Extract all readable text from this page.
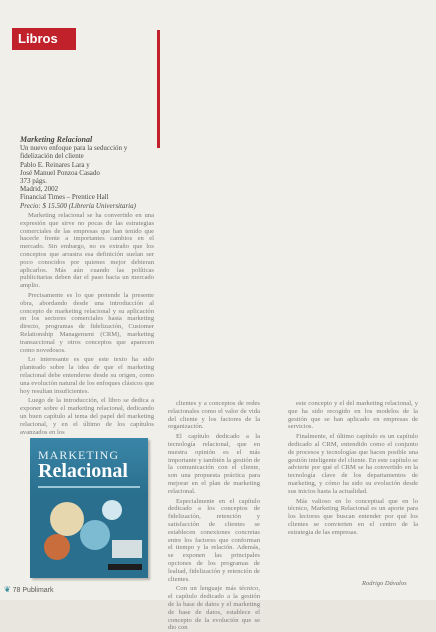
Libros
Marketing Relacional
Un nuevo enfoque para la seducción y
fidelización del cliente
Pablo E. Reinares Lara y
José Manuel Ponzoa Casado
373 págs.
Madrid, 2002
Financial Times – Prentice Hall
Precio: $ 15.500 (Librería Universitaria)

Marketing relacional se ha convertido en una expresión que sirve no pocas de las estrategias comerciales de las empresas que han tenido que hacerle frente a importantes cambios en el mercado. Sin embargo, no es extraño que los conceptos que arrastra esa definición suelan ser poco conocidos por quienes mejor debieran aplicarlos. Más aún cuando las políticas publicitarias deben dar el paso hacia un mercado amplio.

Precisamente es lo que pretende la presente obra, abordando desde una introducción al concepto de marketing relacional y su aplicación en los sectores comerciales hasta marketing directo, programas de fidelización, Customer Relationship Management (CRM), marketing transaccional y otros conceptos que aparecen como novedosos.

Lo interesante es que este texto ha sido planteado sobre la idea de que el marketing relacional debe entenderse desde su origen, como una evolución natural de los enfoques clásicos que hoy resultan insuficientes.

Luego de la introducción, el libro se dedica a exponer sobre el marketing relacional, dedicando un buen capítulo al tema del papel del marketing relacional, y en el último de los capítulos avanzados en los

MARKETING
Relacional

clientes y a conceptos de redes relacionales como el valor de vida del cliente y los factores de la organización.

El capítulo dedicado a la tecnología relacional, que en nuestra opinión es el más importante y también la gestión de la comunicación con el cliente, son una propuesta práctica para mejorar en el plan de marketing relacional.

Especialmente en el capítulo dedicado a los conceptos de fidelización, retención y satisfacción de clientes se establecen conexiones concretas entre los factores que conforman el tiempo y la relación. Además, se exponen las principales opciones de los programas de lealtad, fidelización y retención de clientes.

Con un lenguaje más técnico, el capítulo dedicado a la gestión de la base de datos y el marketing de base de datos, establece el concepto de la evolución que se dio con

este concepto y el del marketing relacional, y que ha sido recogido en los modelos de la gestión que se han aplicado en empresas de servicios.

Finalmente, el último capítulo es un capítulo dedicado al CRM, entendido como el conjunto de procesos y tecnologías que hacen posible una gestión inteligente del cliente. En este capítulo se advierte por qué el CRM se ha convertido en la tecnología clave de los departamentos de marketing, y cómo ha sido su evolución desde sus inicios hasta la actualidad.

Más valioso en lo conceptual que en lo técnico, Marketing Relacional es un aporte para los lectores que buscan entender por qué los clientes se convierten en el centro de la estrategia de las empresas.

Rodrigo Dávalos
❦ 78 Publimark
